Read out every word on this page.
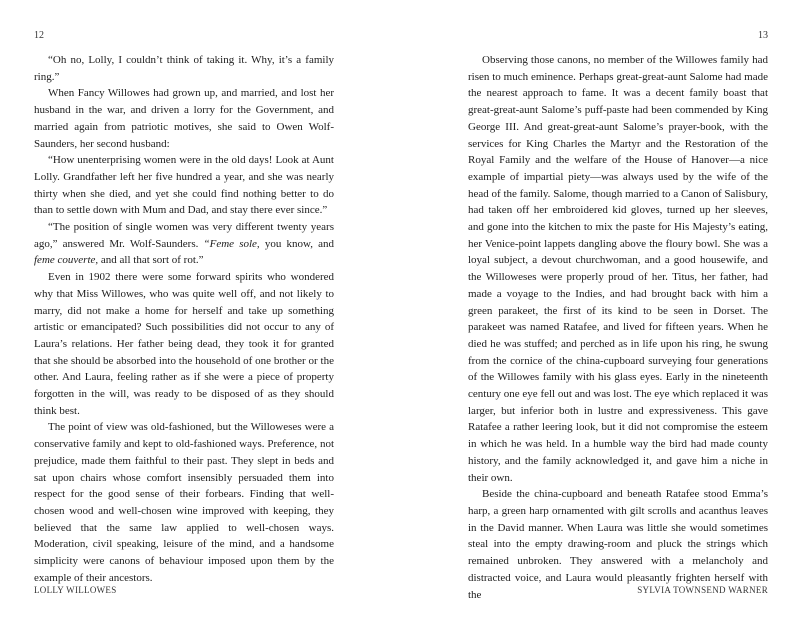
12

“Oh no, Lolly, I couldn’t think of taking it. Why, it’s a family ring.”

When Fancy Willowes had grown up, and married, and lost her husband in the war, and driven a lorry for the Government, and married again from patriotic motives, she said to Owen Wolf-Saunders, her second husband:

“How unenterprising women were in the old days! Look at Aunt Lolly. Grandfather left her five hundred a year, and she was nearly thirty when she died, and yet she could find nothing better to do than to settle down with Mum and Dad, and stay there ever since.”

“The position of single women was very different twenty years ago,” answered Mr. Wolf-Saunders. “Feme sole, you know, and feme couverte, and all that sort of rot.”

Even in 1902 there were some forward spirits who wondered why that Miss Willowes, who was quite well off, and not likely to marry, did not make a home for herself and take up something artistic or emancipated? Such possibilities did not occur to any of Laura’s relations. Her father being dead, they took it for granted that she should be absorbed into the household of one brother or the other. And Laura, feeling rather as if she were a piece of property forgotten in the will, was ready to be disposed of as they should think best.

The point of view was old-fashioned, but the Willoweses were a conservative family and kept to old-fashioned ways. Preference, not prejudice, made them faithful to their past. They slept in beds and sat upon chairs whose comfort insensibly persuaded them into respect for the good sense of their forbears. Finding that well-chosen wood and well-chosen wine improved with keeping, they believed that the same law applied to well-chosen ways. Moderation, civil speaking, leisure of the mind, and a handsome simplicity were canons of behaviour imposed upon them by the example of their ancestors.

LOLLY WILLOWES
13

Observing those canons, no member of the Willowes family had risen to much eminence. Perhaps great-great-aunt Salome had made the nearest approach to fame. It was a decent family boast that great-great-aunt Salome’s puff-paste had been commended by King George III. And great-great-aunt Salome’s prayer-book, with the services for King Charles the Martyr and the Restoration of the Royal Family and the welfare of the House of Hanover—a nice example of impartial piety—was always used by the wife of the head of the family. Salome, though married to a Canon of Salisbury, had taken off her embroidered kid gloves, turned up her sleeves, and gone into the kitchen to mix the paste for His Majesty’s eating, her Venice-point lappets dangling above the floury bowl. She was a loyal subject, a devout churchwoman, and a good housewife, and the Willoweses were properly proud of her. Titus, her father, had made a voyage to the Indies, and had brought back with him a green parakeet, the first of its kind to be seen in Dorset. The parakeet was named Ratafee, and lived for fifteen years. When he died he was stuffed; and perched as in life upon his ring, he swung from the cornice of the china-cupboard surveying four generations of the Willowes family with his glass eyes. Early in the nineteenth century one eye fell out and was lost. The eye which replaced it was larger, but inferior both in lustre and expressiveness. This gave Ratafee a rather leering look, but it did not compromise the esteem in which he was held. In a humble way the bird had made county history, and the family acknowledged it, and gave him a niche in their own.

Beside the china-cupboard and beneath Ratafee stood Emma’s harp, a green harp ornamented with gilt scrolls and acanthus leaves in the David manner. When Laura was little she would sometimes steal into the empty drawing-room and pluck the strings which remained unbroken. They answered with a melancholy and distracted voice, and Laura would pleasantly frighten herself with the	SYLVIA TOWNSEND WARNER
